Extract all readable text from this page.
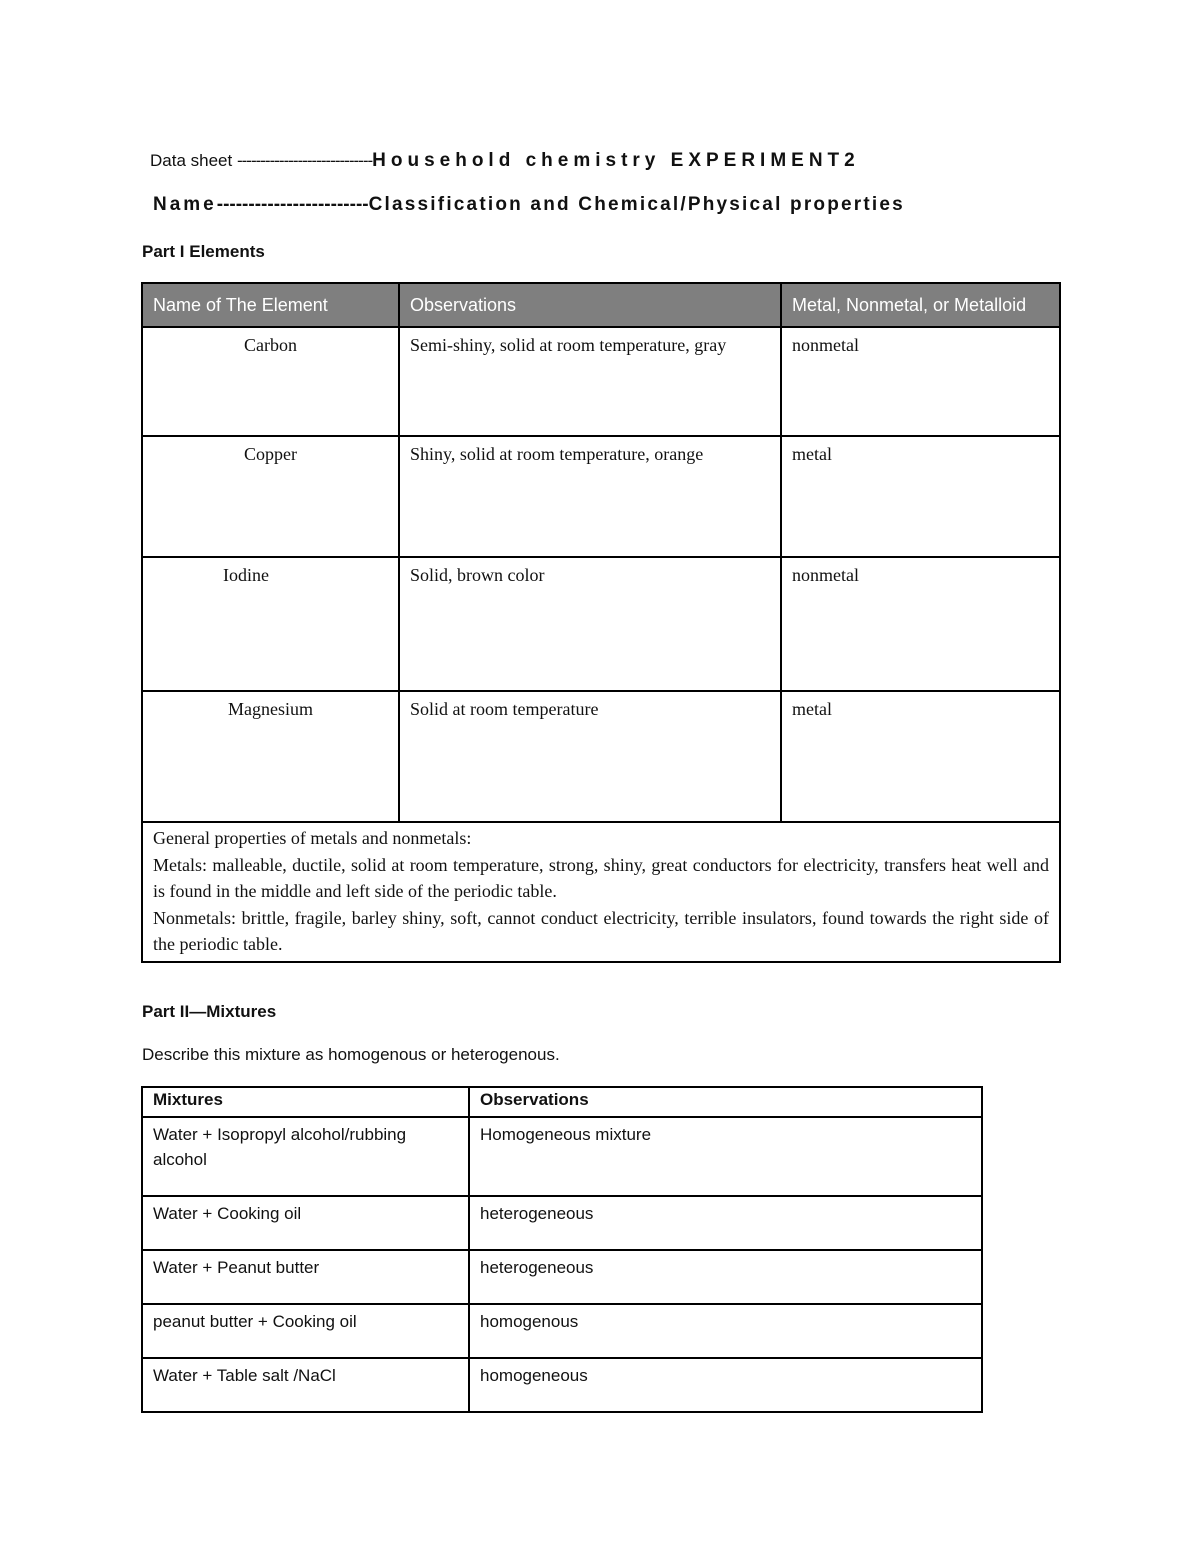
Data sheet -----------------------------Household chemistry EXPERIMENT2
Name------------------------Classification and Chemical/Physical properties
Part I Elements
Name of The Element	Observations	Metal, Nonmetal, or Metalloid
Carbon	Semi-shiny, solid at room temperature, gray	nonmetal
Copper	Shiny, solid at room temperature, orange	metal
Iodine	Solid, brown color	nonmetal
Magnesium	Solid at room temperature	metal

General properties of metals and nonmetals:
Metals: malleable, ductile, solid at room temperature, strong, shiny, great conductors for electricity, transfers heat well and is found in the middle and left side of the periodic table.
Nonmetals: brittle, fragile, barley shiny, soft, cannot conduct electricity, terrible insulators, found towards the right side of the periodic table.		
Part II—Mixtures
Describe this mixture as homogenous or heterogenous.
Mixtures	Observations
Water + Isopropyl alcohol/rubbing alcohol	Homogeneous mixture
Water + Cooking oil	heterogeneous
Water + Peanut butter	heterogeneous
peanut butter + Cooking oil	homogenous
Water + Table salt /NaCl	homogeneous
